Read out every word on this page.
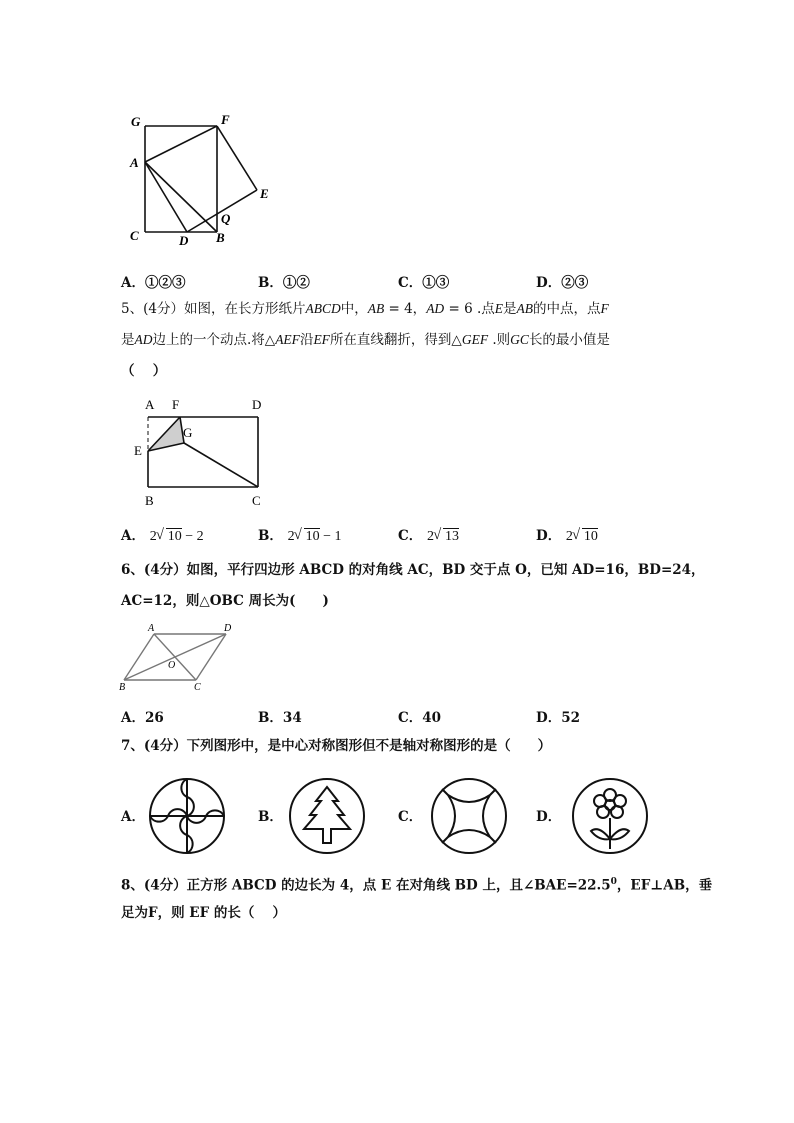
G	F
A
E
Q
C	D B
A．①②③	B．①②	C．①③	D．②③
5、(4分）如图，在长方形纸片ABCD中，AB = 4，AD = 6 .点E是AB的中点，点F
是AD边上的一个动点.将△AEF沿EF所在直线翻折，得到△GEF .则GC长的最小值是
（　 ）
A F	D
G
E
B	C
A． 2 √ 10 − 2	B． 2 √ 10 − 1	C． 2 √ 13	D． 2 √ 10
6、(4分）如图，平行四边形 ABCD 的对角线 AC，BD 交于点 O，已知 AD=16，BD=24，
AC=12，则△OBC 周长为(　　)
A	D
O
B	C
A．26	B．34	C．40	D．52
7、(4分）下列图形中，是中心对称图形但不是轴对称图形的是（　　）
A．	B．	C．	D．
8、(4分）正方形 ABCD 的边长为 4，点 E 在对角线 BD 上，且$\angle BAE=22.5^0$，EF⊥AB，垂
足为F，则 EF 的长（　 ）
